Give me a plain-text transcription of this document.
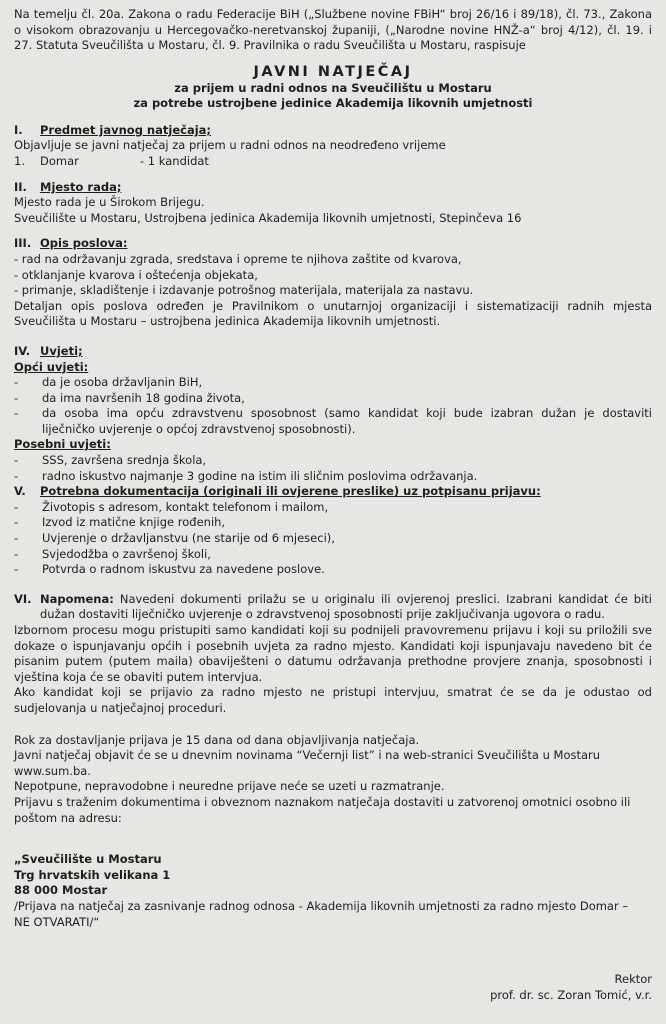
Na temelju čl. 20a. Zakona o radu Federacije BiH („Službene novine FBiH“ broj 26/16 i 89/18), čl. 73., Zakona o visokom obrazovanju u Hercegovačko-neretvanskoj županiji, („Narodne novine HNŽ-a“ broj 4/12), čl. 19. i 27. Statuta Sveučilišta u Mostaru, čl. 9. Pravilnika o radu Sveučilišta u Mostaru, raspisuje

JAVNI NATJEČAJ

za prijem u radni odnos na Sveučilištu u Mostaru

za potrebe ustrojbene jedinice Akademija likovnih umjetnosti

I.	Predmet javnog natječaja;

Objavljuje se javni natječaj za prijem u radni odnos na neodređeno vrijeme

1.	Domar	- 1 kandidat
II.	Mjesto rada;

Mjesto rada je u Širokom Brijegu.

Sveučilište u Mostaru, Ustrojbena jedinica Akademija likovnih umjetnosti, Stepinčeva 16

III. Opis poslova:

- rad na održavanju zgrada, sredstava i opreme te njihova zaštite od kvarova,

- otklanjanje kvarova i oštećenja objekata,

- primanje, skladištenje i izdavanje potrošnog materijala, materijala za nastavu.

Detaljan opis poslova određen je Pravilnikom o unutarnjoj organizaciji i sistematizaciji radnih mjesta Sveučilišta u Mostaru – ustrojbena jedinica Akademija likovnih umjetnosti.

IV. Uvjeti;

Opći uvjeti:

-	da je osoba državljanin BiH,
-	da ima navršenih 18 godina života,
-	da osoba ima opću zdravstvenu sposobnost (samo kandidat koji bude izabran dužan je dostaviti liječničko uvjerenje o općoj zdravstvenoj sposobnosti).

Posebni uvjeti:

-	SSS, završena srednja škola,
-	radno iskustvo najmanje 3 godine na istim ili sličnim poslovima održavanja.
V.	Potrebna dokumentacija (originali ili ovjerene preslike) uz potpisanu prijavu:
-	Životopis s adresom, kontakt telefonom i mailom,
-	Izvod iz matične knjige rođenih,
-	Uvjerenje o državljanstvu (ne starije od 6 mjeseci),
-	Svjedodžba o završenoj školi,
-	Potvrda o radnom iskustvu za navedene poslove.
VI. Napomena: Navedeni dokumenti prilažu se u originalu ili ovjerenoj preslici. Izabrani kandidat će biti dužan dostaviti liječničko uvjerenje o zdravstvenoj sposobnosti prije zaključivanja ugovora o radu.

Izbornom procesu mogu pristupiti samo kandidati koji su podnijeli pravovremenu prijavu i koji su priložili sve dokaze o ispunjavanju općih i posebnih uvjeta za radno mjesto. Kandidati koji ispunjavaju navedeno bit će pisanim putem (putem maila) obaviješteni o datumu održavanja prethodne provjere znanja, sposobnosti i vještina koja će se obaviti putem intervjua.

Ako kandidat koji se prijavio za radno mjesto ne pristupi intervjuu, smatrat će se da je odustao od sudjelovanja u natječajnoj proceduri.

Rok za dostavljanje prijava je 15 dana od dana objavljivanja natječaja.

Javni natječaj objavit će se u dnevnim novinama “Večernji list” i na web-stranici Sveučilišta u Mostaru www.sum.ba.

Nepotpune, nepravodobne i neuredne prijave neće se uzeti u razmatranje.

Prijavu s traženim dokumentima i obveznom naznakom natječaja dostaviti u zatvorenoj omotnici osobno ili poštom na adresu:

„Sveučilište u Mostaru

Trg hrvatskih velikana 1

88 000 Mostar

/Prijava na natječaj za zasnivanje radnog odnosa - Akademija likovnih umjetnosti za radno mjesto Domar –

NE OTVARATI/“

Rektor

prof. dr. sc. Zoran Tomić, v.r.
